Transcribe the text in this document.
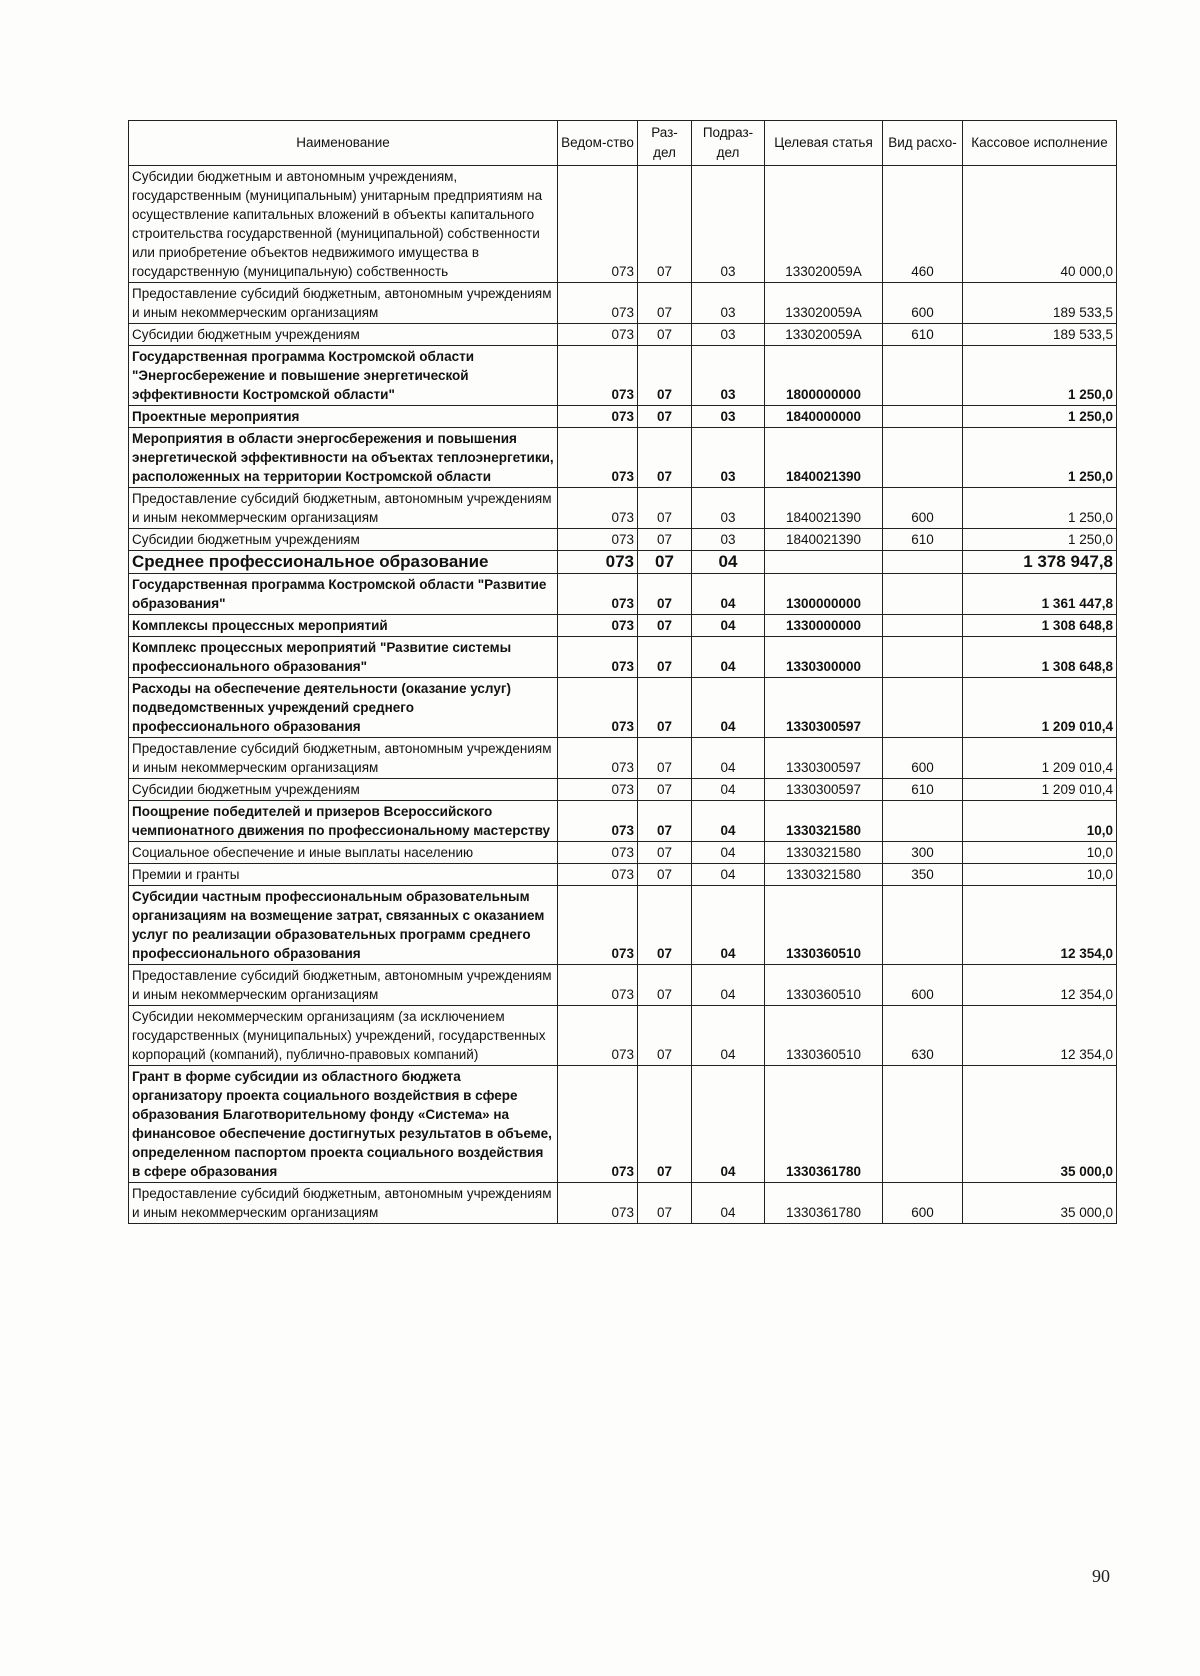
Наименование	Ведом-ство	Раз-дел	Подраз-дел	Целевая статья	Вид расхо-	Кассовое исполнение
Субсидии бюджетным и автономным учреждениям, государственным (муниципальным) унитарным предприятиям на осуществление капитальных вложений в объекты капитального строительства государственной (муниципальной) собственности или приобретение объектов недвижимого имущества в государственную (муниципальную) собственность	073	07	03	133020059А	460	40 000,0
Предоставление субсидий бюджетным, автономным учреждениям и иным некоммерческим организациям	073	07	03	133020059А	600	189 533,5
Субсидии бюджетным учреждениям	073	07	03	133020059А	610	189 533,5
Государственная программа Костромской области "Энергосбережение и повышение энергетической эффективности Костромской области"	073	07	03	1800000000		1 250,0
Проектные мероприятия	073	07	03	1840000000		1 250,0
Мероприятия в области энергосбережения и повышения энергетической эффективности на объектах теплоэнергетики, расположенных на территории Костромской области	073	07	03	1840021390		1 250,0
Предоставление субсидий бюджетным, автономным учреждениям и иным некоммерческим организациям	073	07	03	1840021390	600	1 250,0
Субсидии бюджетным учреждениям	073	07	03	1840021390	610	1 250,0
Среднее профессиональное образование	073	07	04			1 378 947,8
Государственная программа Костромской области "Развитие образования"	073	07	04	1300000000		1 361 447,8
Комплексы процессных мероприятий	073	07	04	1330000000		1 308 648,8
Комплекс процессных мероприятий "Развитие системы профессионального образования"	073	07	04	1330300000		1 308 648,8
Расходы на обеспечение деятельности (оказание услуг) подведомственных учреждений среднего профессионального образования	073	07	04	1330300597		1 209 010,4
Предоставление субсидий бюджетным, автономным учреждениям и иным некоммерческим организациям	073	07	04	1330300597	600	1 209 010,4
Субсидии бюджетным учреждениям	073	07	04	1330300597	610	1 209 010,4
Поощрение победителей и призеров Всероссийского чемпионатного движения по профессиональному мастерству	073	07	04	1330321580		10,0
Социальное обеспечение и иные выплаты населению	073	07	04	1330321580	300	10,0
Премии и гранты	073	07	04	1330321580	350	10,0
Субсидии частным профессиональным образовательным организациям на возмещение затрат, связанных с оказанием услуг по реализации образовательных программ среднего профессионального образования	073	07	04	1330360510		12 354,0
Предоставление субсидий бюджетным, автономным учреждениям и иным некоммерческим организациям	073	07	04	1330360510	600	12 354,0
Субсидии некоммерческим организациям (за исключением государственных (муниципальных) учреждений, государственных корпораций (компаний), публично-правовых компаний)	073	07	04	1330360510	630	12 354,0
Грант в форме субсидии из областного бюджета организатору проекта социального воздействия в сфере образования Благотворительному фонду «Система» на финансовое обеспечение достигнутых результатов в объеме, определенном паспортом проекта социального воздействия в сфере образования	073	07	04	1330361780		35 000,0
Предоставление субсидий бюджетным, автономным учреждениям и иным некоммерческим организациям	073	07	04	1330361780	600	35 000,0
90
